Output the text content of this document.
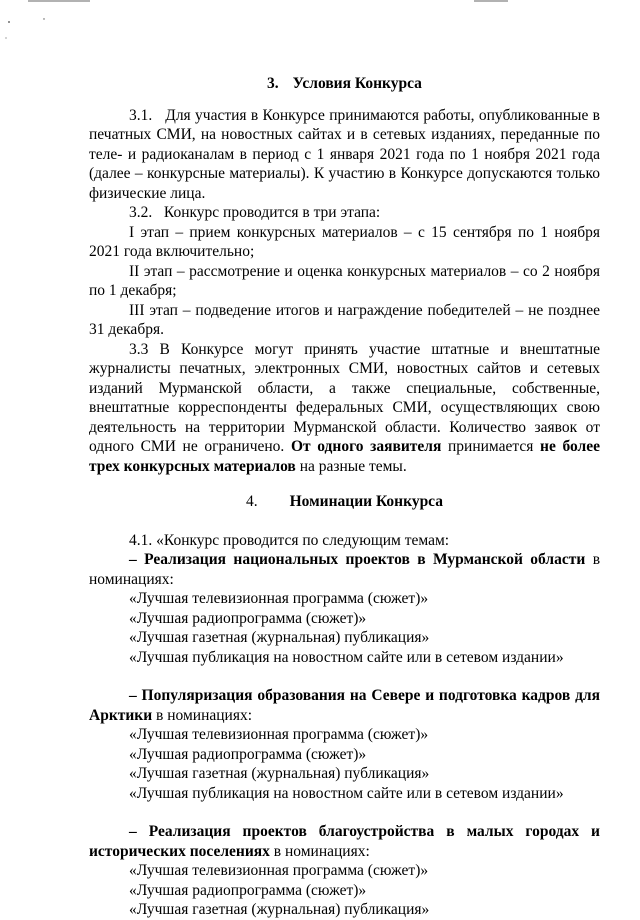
3. Условия Конкурса

3.1. Для участия в Конкурсе принимаются работы, опубликованные в печатных СМИ, на новостных сайтах и в сетевых изданиях, переданные по теле- и радиоканалам в период с 1 января 2021 года по 1 ноября 2021 года (далее – конкурсные материалы). К участию в Конкурсе допускаются только физические лица.

3.2. Конкурс проводится в три этапа:

I этап – прием конкурсных материалов – с 15 сентября по 1 ноября 2021 года включительно;

II этап – рассмотрение и оценка конкурсных материалов – со 2 ноября по 1 декабря;

III этап – подведение итогов и награждение победителей – не позднее 31 декабря.

3.3 В Конкурсе могут принять участие штатные и внештатные журналисты печатных, электронных СМИ, новостных сайтов и сетевых изданий Мурманской области, а также специальные, собственные, внештатные корреспонденты федеральных СМИ, осуществляющих свою деятельность на территории Мурманской области. Количество заявок от одного СМИ не ограничено. От одного заявителя принимается не более трех конкурсных материалов на разные темы.

4. Номинации Конкурса

4.1. «Конкурс проводится по следующим темам:

– Реализация национальных проектов в Мурманской области в номинациях:

«Лучшая телевизионная программа (сюжет)»

«Лучшая радиопрограмма (сюжет)»

«Лучшая газетная (журнальная) публикация»

«Лучшая публикация на новостном сайте или в сетевом издании»

– Популяризация образования на Севере и подготовка кадров для Арктики в номинациях:

«Лучшая телевизионная программа (сюжет)»

«Лучшая радиопрограмма (сюжет)»

«Лучшая газетная (журнальная) публикация»

«Лучшая публикация на новостном сайте или в сетевом издании»

– Реализация проектов благоустройства в малых городах и исторических поселениях в номинациях:

«Лучшая телевизионная программа (сюжет)»

«Лучшая радиопрограмма (сюжет)»

«Лучшая газетная (журнальная) публикация»
